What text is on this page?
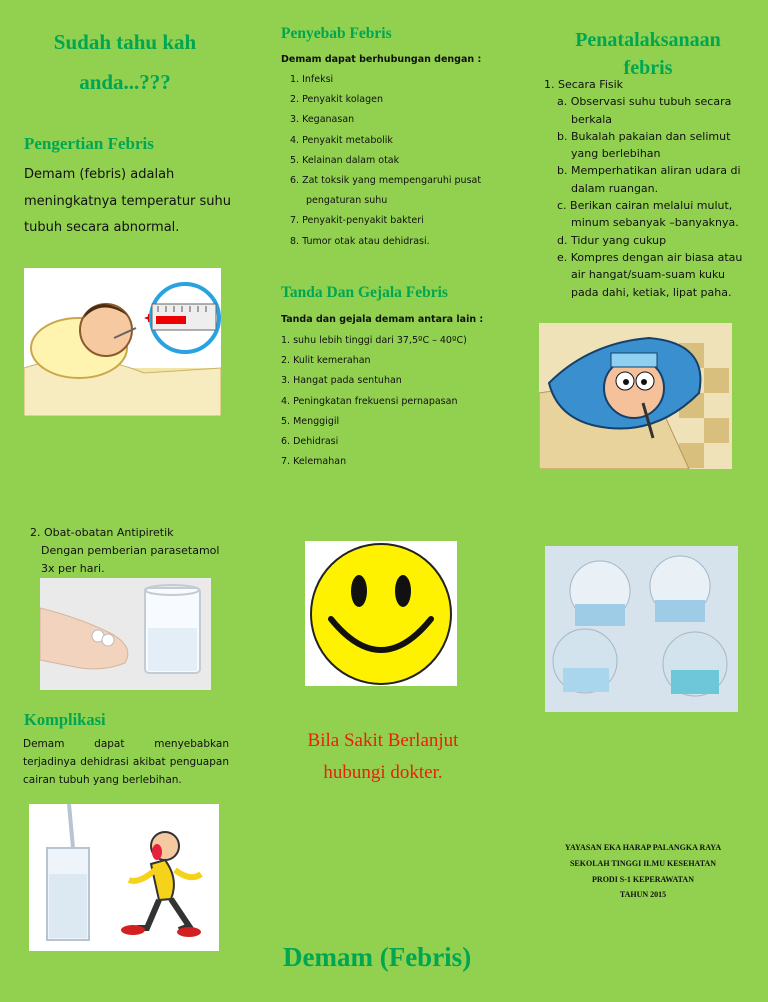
Sudah tahu kah
anda...???
Pengertian Febris
Demam (febris) adalah
meningkatnya temperatur suhu
tubuh secara abnormal.
2. Obat-obatan Antipiretik
Dengan pemberian parasetamol
3x per hari.
Komplikasi
Demam dapat menyebabkan terjadinya dehidrasi akibat penguapan cairan tubuh yang berlebihan.
Penyebab Febris
Demam dapat berhubungan dengan :
1. Infeksi
2. Penyakit kolagen
3. Keganasan
4. Penyakit metabolik
5. Kelainan dalam otak
6. Zat toksik yang mempengaruhi pusat
pengaturan suhu
7. Penyakit-penyakit bakteri
8. Tumor otak atau dehidrasi.
Tanda Dan Gejala Febris
Tanda dan gejala demam antara lain :
1. suhu lebih tinggi dari 37,5ºC – 40ºC)
2. Kulit kemerahan
3. Hangat pada sentuhan
4. Peningkatan frekuensi pernapasan
5. Menggigil
6. Dehidrasi
7. Kelemahan
Bila Sakit Berlanjut
hubungi dokter.
Demam (Febris)
Penatalaksanaan
febris
1. Secara Fisik
a. Observasi suhu tubuh secara berkala
b. Bukalah pakaian dan selimut yang berlebihan
b. Memperhatikan aliran udara di dalam ruangan.
c. Berikan cairan melalui mulut, minum sebanyak –banyaknya.
d. Tidur yang cukup
e. Kompres dengan air biasa atau air hangat/suam-suam kuku pada dahi, ketiak, lipat paha.
YAYASAN EKA HARAP PALANGKA RAYA
SEKOLAH TINGGI ILMU KESEHATAN
PRODI S-1 KEPERAWATAN
TAHUN 2015
